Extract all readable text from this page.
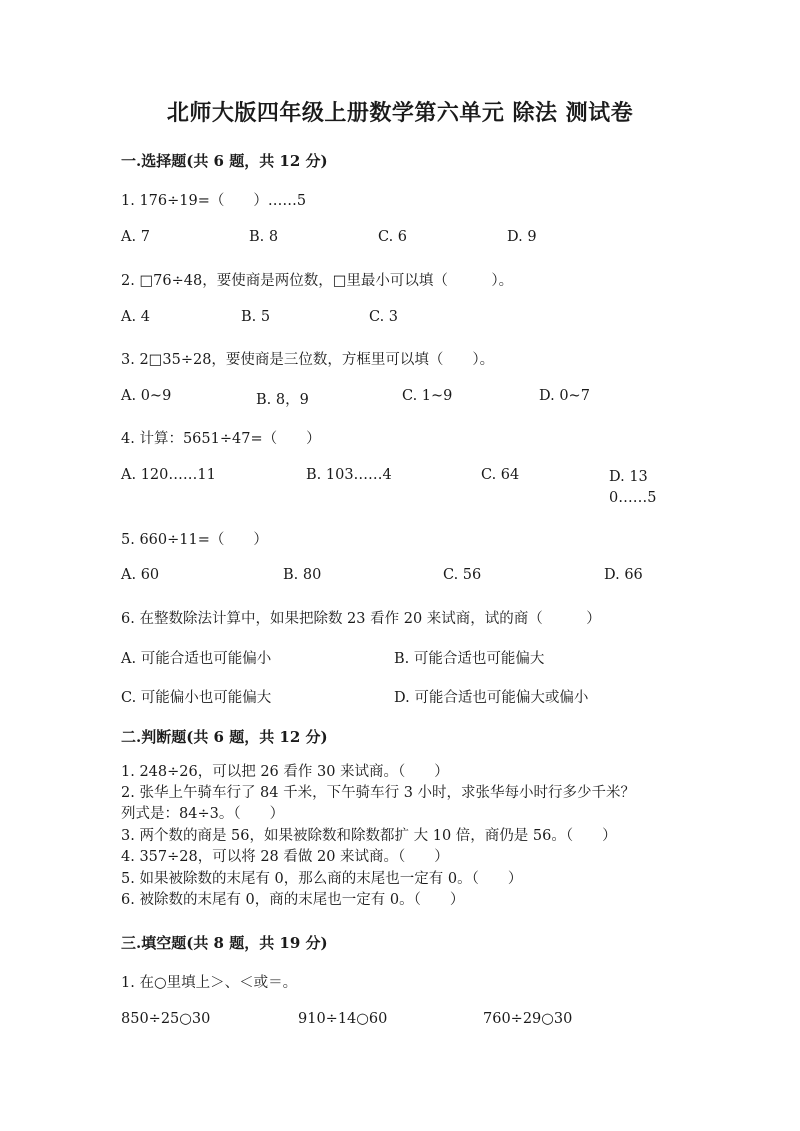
北师大版四年级上册数学第六单元 除法 测试卷
一.选择题(共 6 题，共 12 分)
1. 176÷19=（　　）……5
A. 7	B. 8	C. 6	D. 9
2. □76÷48，要使商是两位数，□里最小可以填（　　　）。
A. 4	B. 5	C. 3
3. 2□35÷28，要使商是三位数，方框里可以填（　　）。
A. 0~9	B. 8，9	C. 1~9	D. 0~7
4. 计算：5651÷47=（　　）
A. 120……11	B. 103……4	C. 64	D. 130……5
5. 660÷11=（　　）
A. 60	B. 80	C. 56	D. 66
6. 在整数除法计算中，如果把除数 23 看作 20 来试商，试的商（　　　）
A. 可能合适也可能偏小	B. 可能合适也可能偏大
C. 可能偏小也可能偏大	D. 可能合适也可能偏大或偏小
二.判断题(共 6 题，共 12 分)
1. 248÷26，可以把 26 看作 30 来试商。（　　）
2. 张华上午骑车行了 84 千米，下午骑车行 3 小时，求张华每小时行多少千米？
列式是：84÷3。（　　）
3. 两个数的商是 56，如果被除数和除数都扩 大 10 倍，商仍是 56。（　　）
4. 357÷28，可以将 28 看做 20 来试商。（　　）
5. 如果被除数的末尾有 0，那么商的末尾也一定有 0。（　　）
6. 被除数的末尾有 0，商的末尾也一定有 0。（　　）
三.填空题(共 8 题，共 19 分)
1. 在○里填上＞、＜或＝。
850÷25○30	910÷14○60	760÷29○30
